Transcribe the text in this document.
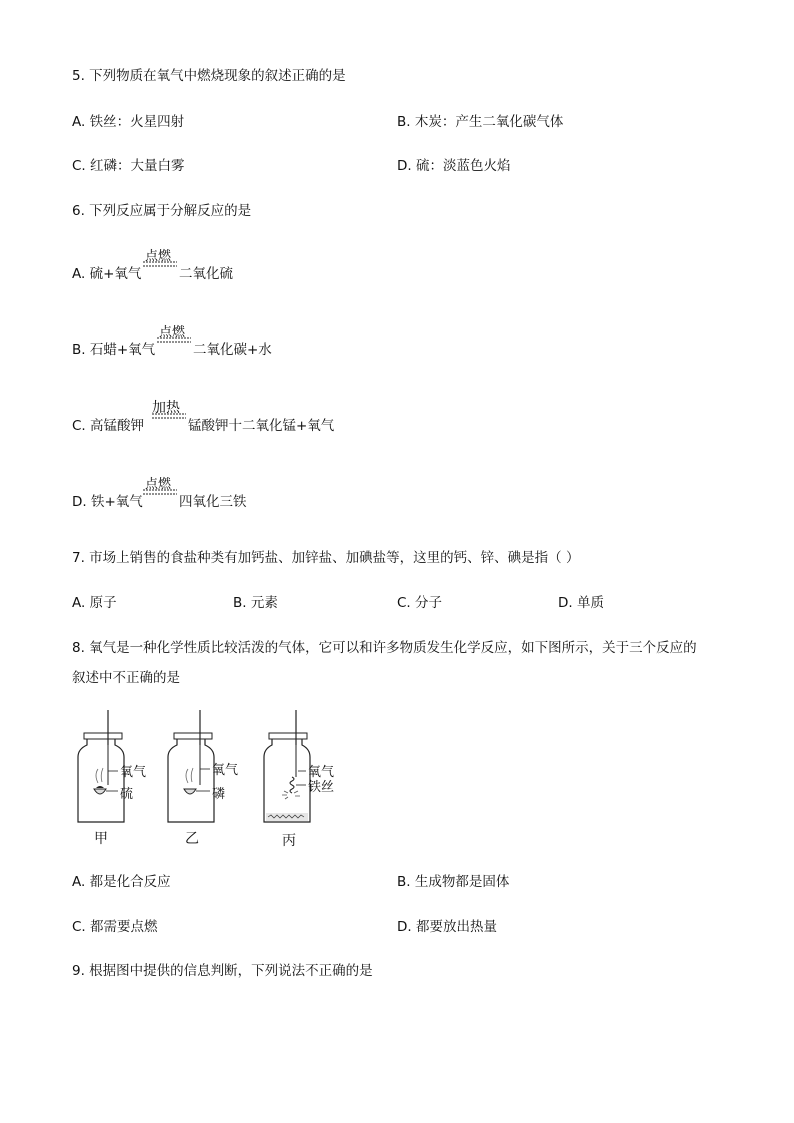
5. 下列物质在氧气中燃烧现象的叙述正确的是
A. 铁丝：火星四射	B. 木炭：产生二氧化碳气体
C. 红磷：大量白雾	D. 硫：淡蓝色火焰
6. 下列反应属于分解反应的是
A. 硫+氧气
点燃
二氧化硫
B. 石蜡+氧气
点燃
二氧化碳+水
C. 高锰酸钾
加热
锰酸钾十二氧化锰+氧气
D. 铁+氧气
点燃
四氧化三铁
7. 市场上销售的食盐种类有加钙盐、加锌盐、加碘盐等，这里的钙、锌、碘是指（ ）
A. 原子	B. 元素	C. 分子	D. 单质
8. 氧气是一种化学性质比较活泼的气体，它可以和许多物质发生化学反应，如下图所示，关于三个反应的
叙述中不正确的是
氧气
硫
甲
氧气
磷
乙
氧气
铁丝
丙
A. 都是化合反应	B. 生成物都是固体
C. 都需要点燃	D. 都要放出热量
9. 根据图中提供的信息判断，下列说法不正确的是
